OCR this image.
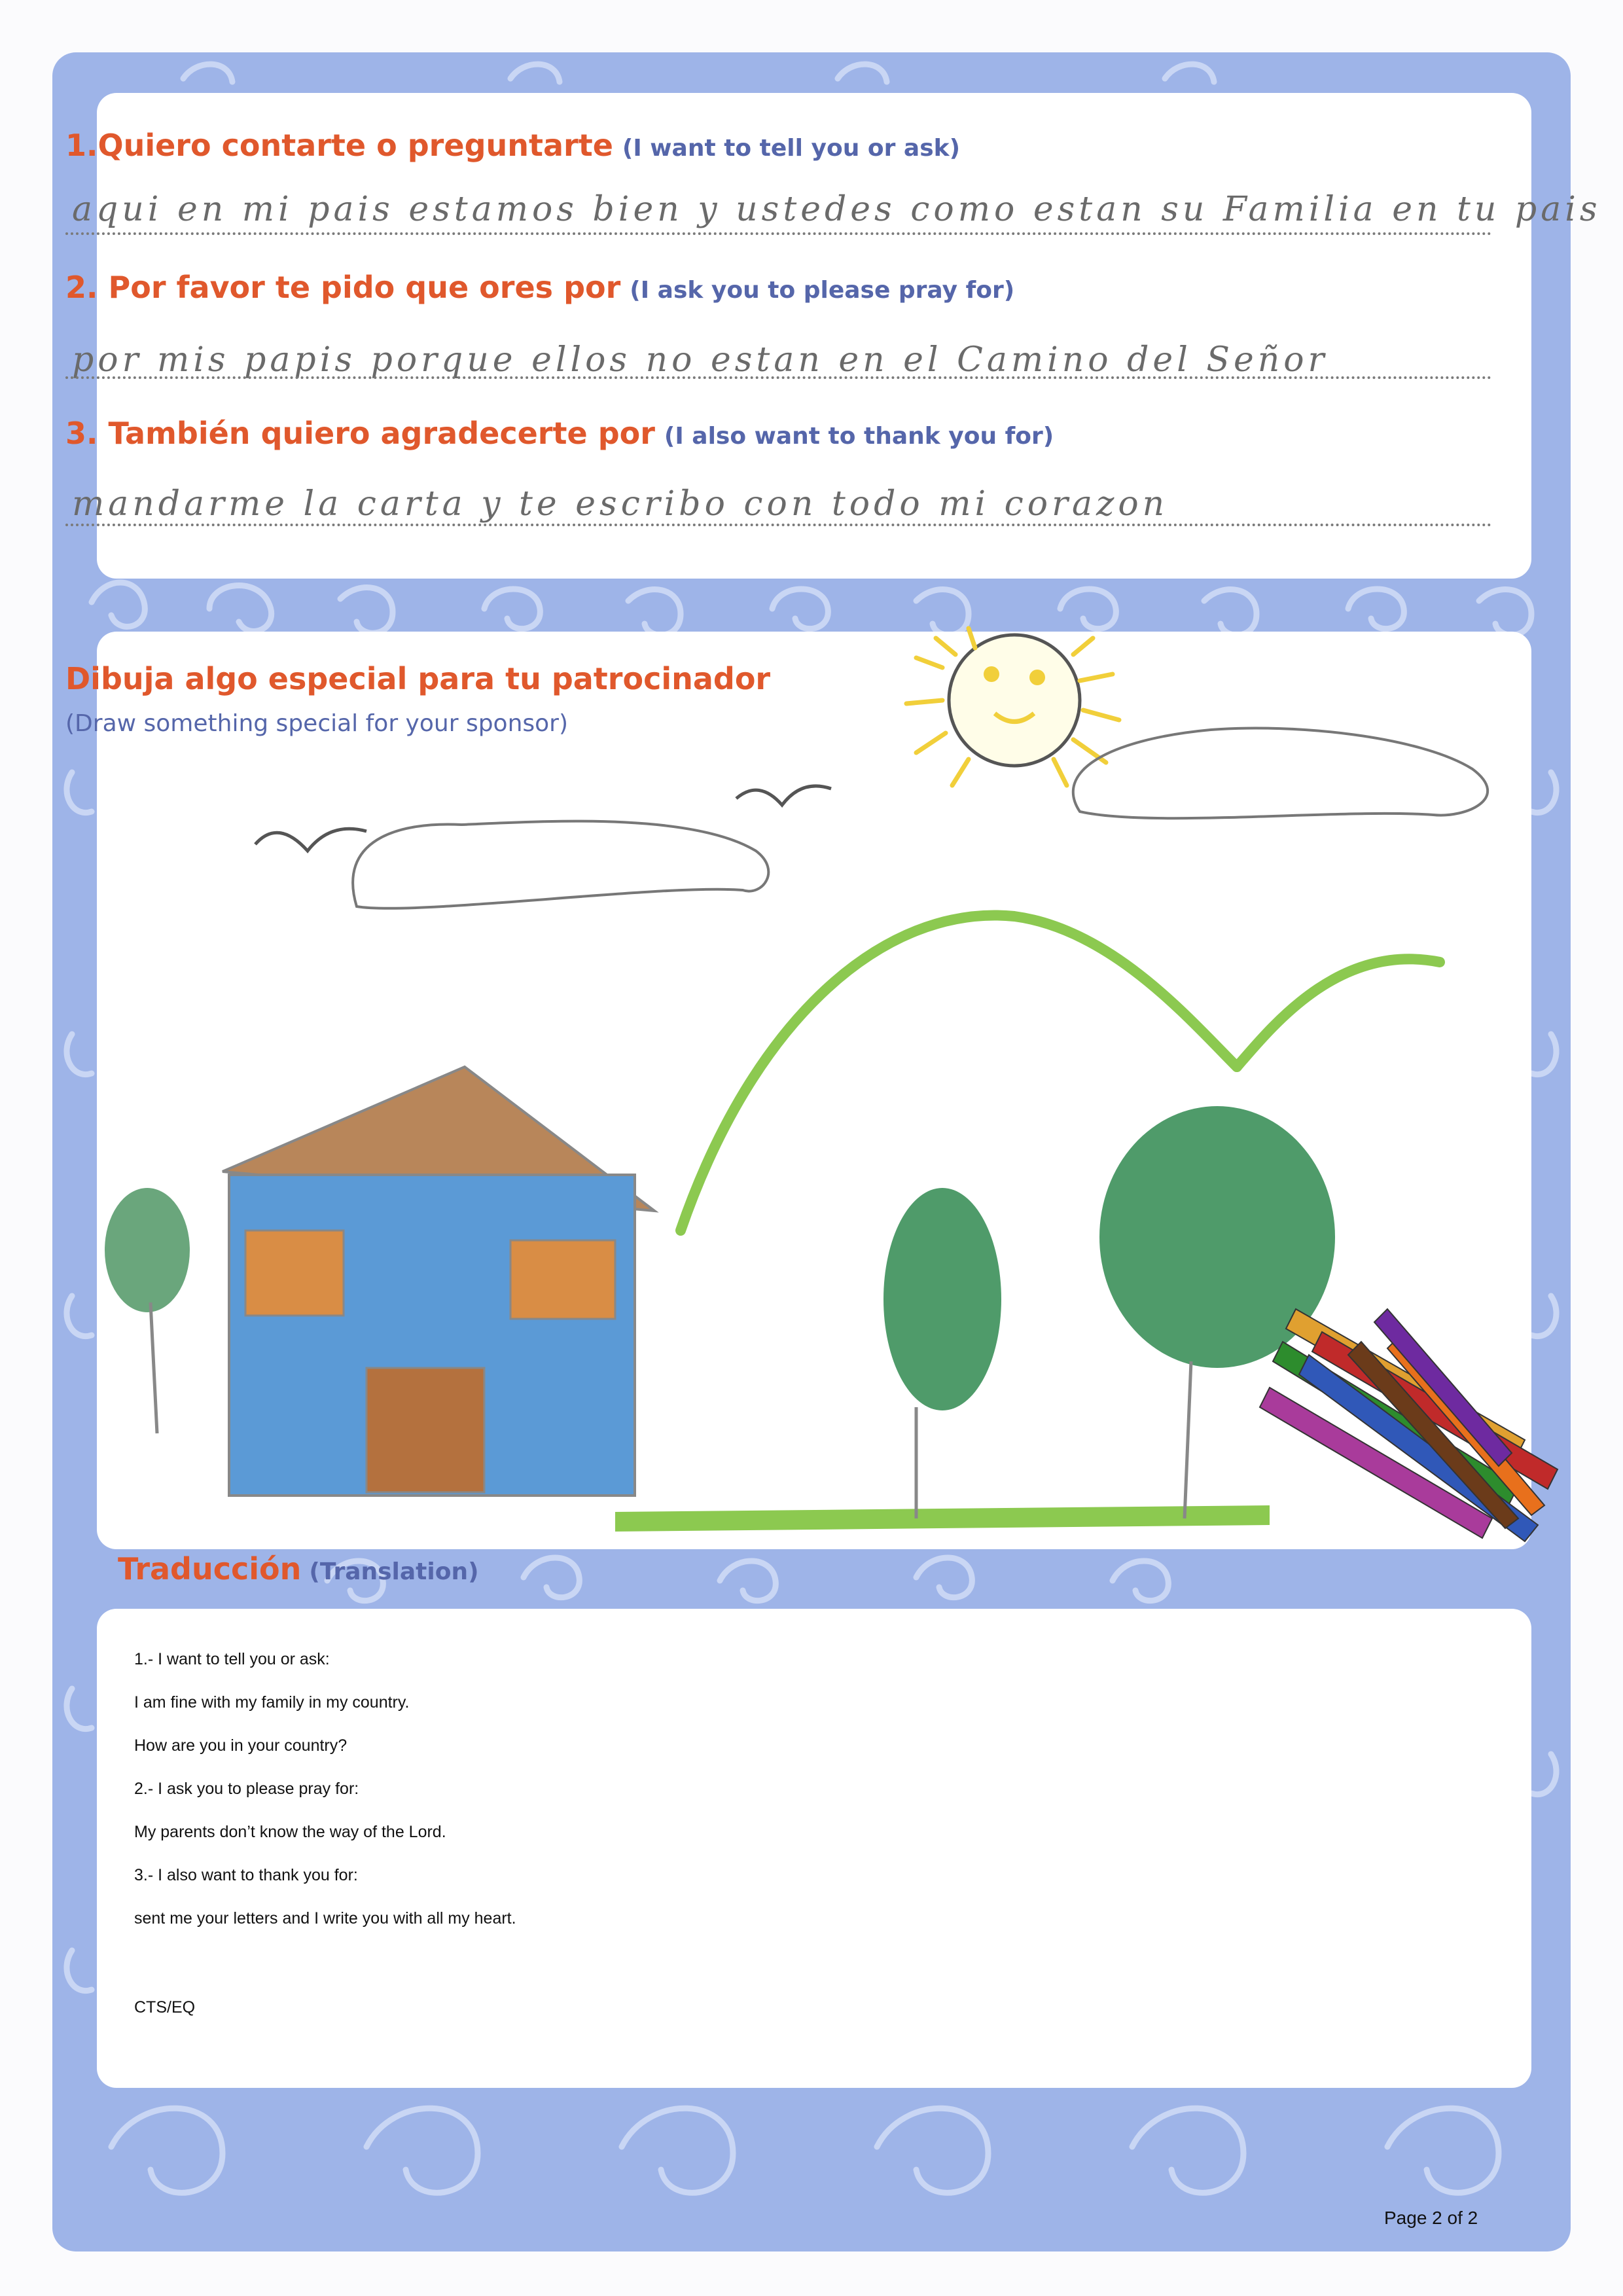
1.Quiero contarte o preguntarte (I want to tell you or ask)

aqui en mi pais estamos bien y ustedes como estan su Familia en tu pais

2. Por favor te pido que ores por (I ask you to please pray for)

por mis papis porque ellos no estan en el Camino del Señor

3. También quiero agradecerte por (I also want to thank you for)

mandarme la carta y te escribo con todo mi corazon

Dibuja algo especial para tu patrocinador

(Draw something special for your sponsor)

Traducción (Translation)
1.- I want to tell you or ask:
I am fine with my family in my country.
How are you in your country?
2.- I ask you to please pray for:
My parents don’t know the way of the Lord.
3.- I also want to thank you for:
sent me your letters and I write you with all my heart.

CTS/EQ

Page 2 of 2
